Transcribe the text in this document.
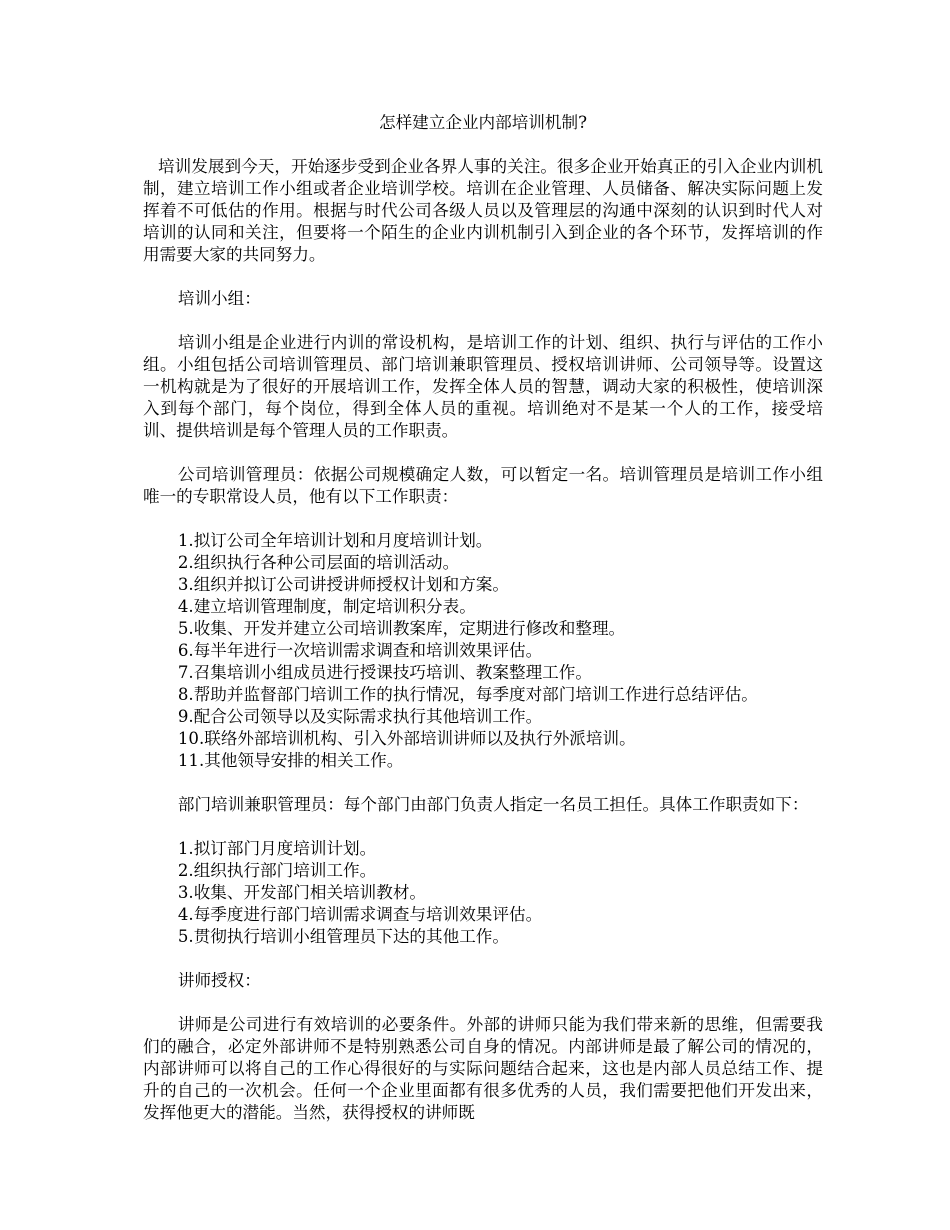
怎样建立企业内部培训机制?

培训发展到今天，开始逐步受到企业各界人事的关注。很多企业开始真正的引入企业内训机制，建立培训工作小组或者企业培训学校。培训在企业管理、人员储备、解决实际问题上发挥着不可低估的作用。根据与时代公司各级人员以及管理层的沟通中深刻的认识到时代人对培训的认同和关注，但要将一个陌生的企业内训机制引入到企业的各个环节，发挥培训的作用需要大家的共同努力。

培训小组：

培训小组是企业进行内训的常设机构，是培训工作的计划、组织、执行与评估的工作小组。小组包括公司培训管理员、部门培训兼职管理员、授权培训讲师、公司领导等。设置这一机构就是为了很好的开展培训工作，发挥全体人员的智慧，调动大家的积极性，使培训深入到每个部门，每个岗位，得到全体人员的重视。培训绝对不是某一个人的工作，接受培训、提供培训是每个管理人员的工作职责。

公司培训管理员：依据公司规模确定人数，可以暂定一名。培训管理员是培训工作小组唯一的专职常设人员，他有以下工作职责：

1.拟订公司全年培训计划和月度培训计划。
2.组织执行各种公司层面的培训活动。
3.组织并拟订公司讲授讲师授权计划和方案。
4.建立培训管理制度，制定培训积分表。
5.收集、开发并建立公司培训教案库，定期进行修改和整理。
6.每半年进行一次培训需求调查和培训效果评估。
7.召集培训小组成员进行授课技巧培训、教案整理工作。
8.帮助并监督部门培训工作的执行情况，每季度对部门培训工作进行总结评估。
9.配合公司领导以及实际需求执行其他培训工作。
10.联络外部培训机构、引入外部培训讲师以及执行外派培训。
11.其他领导安排的相关工作。

部门培训兼职管理员：每个部门由部门负责人指定一名员工担任。具体工作职责如下：

1.拟订部门月度培训计划。
2.组织执行部门培训工作。
3.收集、开发部门相关培训教材。
4.每季度进行部门培训需求调查与培训效果评估。
5.贯彻执行培训小组管理员下达的其他工作。
讲师授权：

讲师是公司进行有效培训的必要条件。外部的讲师只能为我们带来新的思维，但需要我们的融合，必定外部讲师不是特别熟悉公司自身的情况。内部讲师是最了解公司的情况的，内部讲师可以将自己的工作心得很好的与实际问题结合起来，这也是内部人员总结工作、提升的自己的一次机会。任何一个企业里面都有很多优秀的人员，我们需要把他们开发出来，发挥他更大的潜能。当然，获得授权的讲师既
